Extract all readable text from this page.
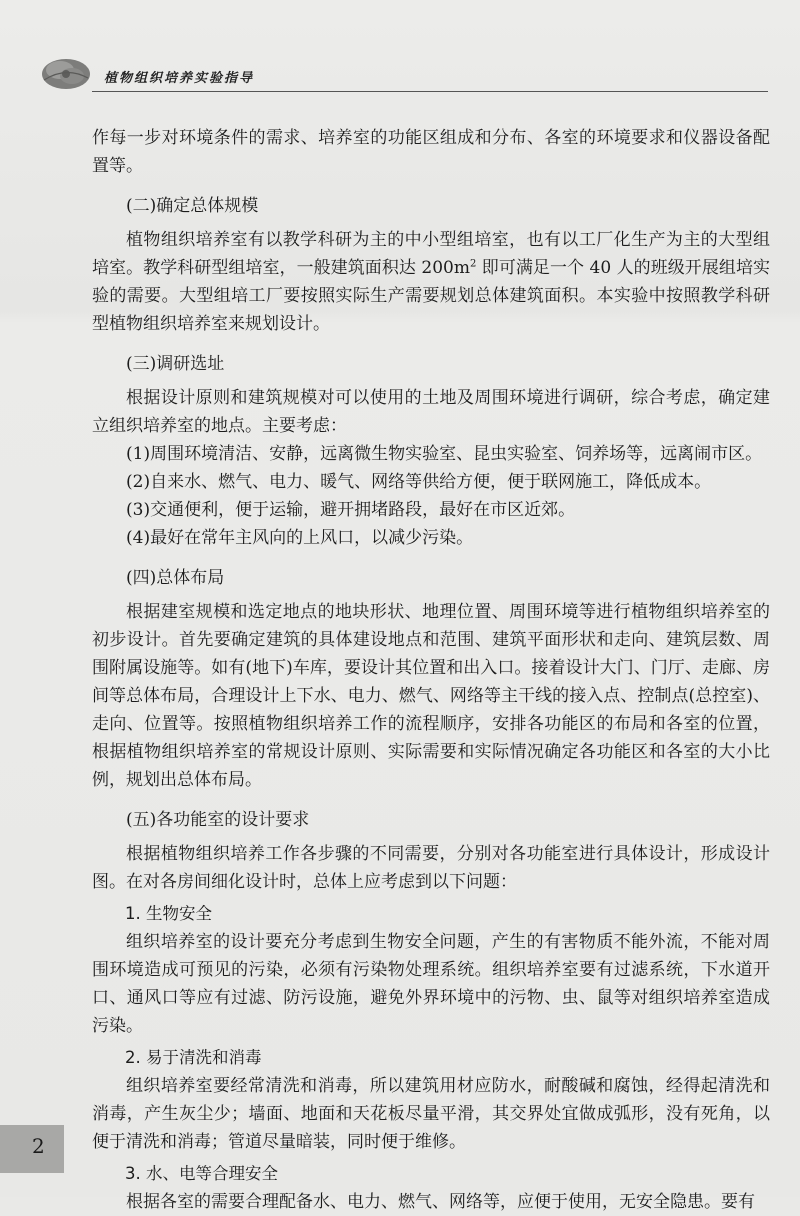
植物组织培养实验指导

作每一步对环境条件的需求、培养室的功能区组成和分布、各室的环境要求和仪器设备配置等。

(二)确定总体规模

植物组织培养室有以教学科研为主的中小型组培室，也有以工厂化生产为主的大型组培室。教学科研型组培室，一般建筑面积达 $200m^2$ 即可满足一个 40 人的班级开展组培实验的需要。大型组培工厂要按照实际生产需要规划总体建筑面积。本实验中按照教学科研型植物组织培养室来规划设计。

(三)调研选址

根据设计原则和建筑规模对可以使用的土地及周围环境进行调研，综合考虑，确定建立组织培养室的地点。主要考虑：

(1)周围环境清洁、安静，远离微生物实验室、昆虫实验室、饲养场等，远离闹市区。

(2)自来水、燃气、电力、暖气、网络等供给方便，便于联网施工，降低成本。

(3)交通便利，便于运输，避开拥堵路段，最好在市区近郊。

(4)最好在常年主风向的上风口，以减少污染。

(四)总体布局

根据建室规模和选定地点的地块形状、地理位置、周围环境等进行植物组织培养室的初步设计。首先要确定建筑的具体建设地点和范围、建筑平面形状和走向、建筑层数、周围附属设施等。如有(地下)车库，要设计其位置和出入口。接着设计大门、门厅、走廊、房间等总体布局，合理设计上下水、电力、燃气、网络等主干线的接入点、控制点(总控室)、走向、位置等。按照植物组织培养工作的流程顺序，安排各功能区的布局和各室的位置，根据植物组织培养室的常规设计原则、实际需要和实际情况确定各功能区和各室的大小比例，规划出总体布局。

(五)各功能室的设计要求

根据植物组织培养工作各步骤的不同需要，分别对各功能室进行具体设计，形成设计图。在对各房间细化设计时，总体上应考虑到以下问题：

1. 生物安全

组织培养室的设计要充分考虑到生物安全问题，产生的有害物质不能外流，不能对周围环境造成可预见的污染，必须有污染物处理系统。组织培养室要有过滤系统，下水道开口、通风口等应有过滤、防污设施，避免外界环境中的污物、虫、鼠等对组织培养室造成污染。

2. 易于清洗和消毒

组织培养室要经常清洗和消毒，所以建筑用材应防水，耐酸碱和腐蚀，经得起清洗和消毒，产生灰尘少；墙面、地面和天花板尽量平滑，其交界处宜做成弧形，没有死角，以便于清洗和消毒；管道尽量暗装，同时便于维修。

3. 水、电等合理安全

根据各室的需要合理配备水、电力、燃气、网络等，应便于使用，无安全隐患。要有

2
